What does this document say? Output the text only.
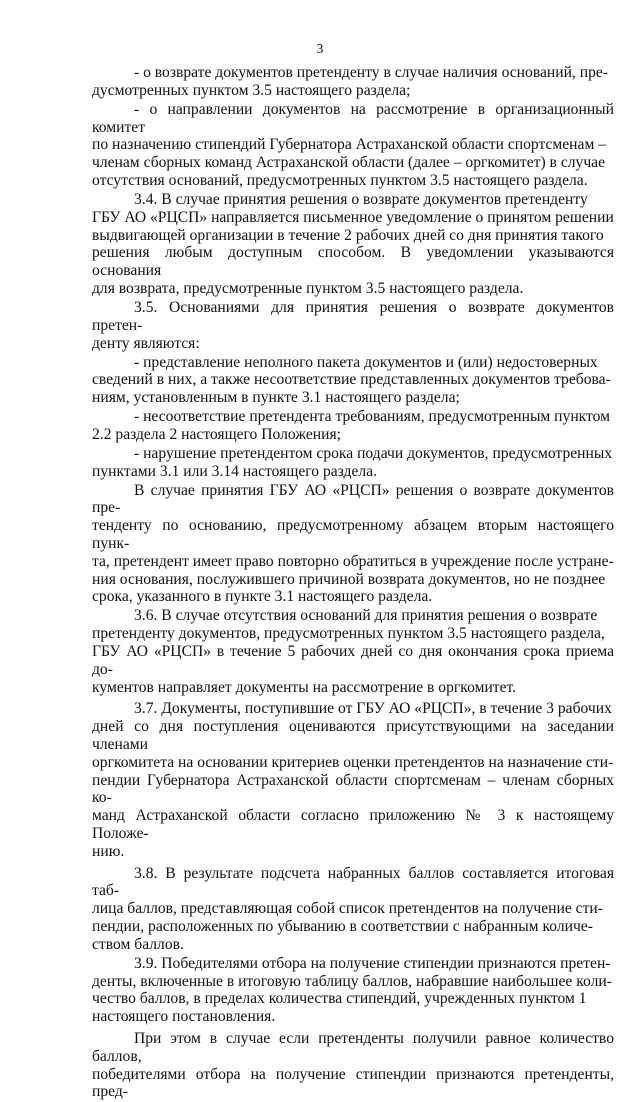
3

- о возврате документов претенденту в случае наличия оснований, пре-
дусмотренных пунктом 3.5 настоящего раздела;

- о направлении документов на рассмотрение в организационный комитет
по назначению стипендий Губернатора Астраханской области спортсменам –
членам сборных команд Астраханской области (далее – оргкомитет) в случае
отсутствия оснований, предусмотренных пунктом 3.5 настоящего раздела.

3.4. В случае принятия решения о возврате документов претенденту
ГБУ АО «РЦСП» направляется письменное уведомление о принятом решении
выдвигающей организации в течение 2 рабочих дней со дня принятия такого
решения любым доступным способом. В уведомлении указываются основания
для возврата, предусмотренные пунктом 3.5 настоящего раздела.

3.5. Основаниями для принятия решения о возврате документов претен-
денту являются:

- представление неполного пакета документов и (или) недостоверных
сведений в них, а также несоответствие представленных документов требова-
ниям, установленным в пункте 3.1 настоящего раздела;

- несоответствие претендента требованиям, предусмотренным пунктом
2.2 раздела 2 настоящего Положения;

- нарушение претендентом срока подачи документов, предусмотренных
пунктами 3.1 или 3.14 настоящего раздела.

В случае принятия ГБУ АО «РЦСП» решения о возврате документов пре-
тенденту по основанию, предусмотренному абзацем вторым настоящего пунк-
та, претендент имеет право повторно обратиться в учреждение после устране-
ния основания, послужившего причиной возврата документов, но не позднее
срока, указанного в пункте 3.1 настоящего раздела.

3.6. В случае отсутствия оснований для принятия решения о возврате
претенденту документов, предусмотренных пунктом 3.5 настоящего раздела,
ГБУ АО «РЦСП» в течение 5 рабочих дней со дня окончания срока приема до-
кументов направляет документы на рассмотрение в оргкомитет.

3.7. Документы, поступившие от ГБУ АО «РЦСП», в течение 3 рабочих
дней со дня поступления оцениваются присутствующими на заседании членами
оргкомитета на основании критериев оценки претендентов на назначение сти-
пендии Губернатора Астраханской области спортсменам – членам сборных ко-
манд Астраханской области согласно приложению № 3 к настоящему Положе-
нию.

3.8. В результате подсчета набранных баллов составляется итоговая таб-
лица баллов, представляющая собой список претендентов на получение сти-
пендии, расположенных по убыванию в соответствии с набранным количе-
ством баллов.

3.9. Победителями отбора на получение стипендии признаются претен-
денты, включенные в итоговую таблицу баллов, набравшие наибольшее коли-
чество баллов, в пределах количества стипендий, учрежденных пунктом 1
настоящего постановления.

При этом в случае если претенденты получили равное количество баллов,
победителями отбора на получение стипендии признаются претенденты, пред-
